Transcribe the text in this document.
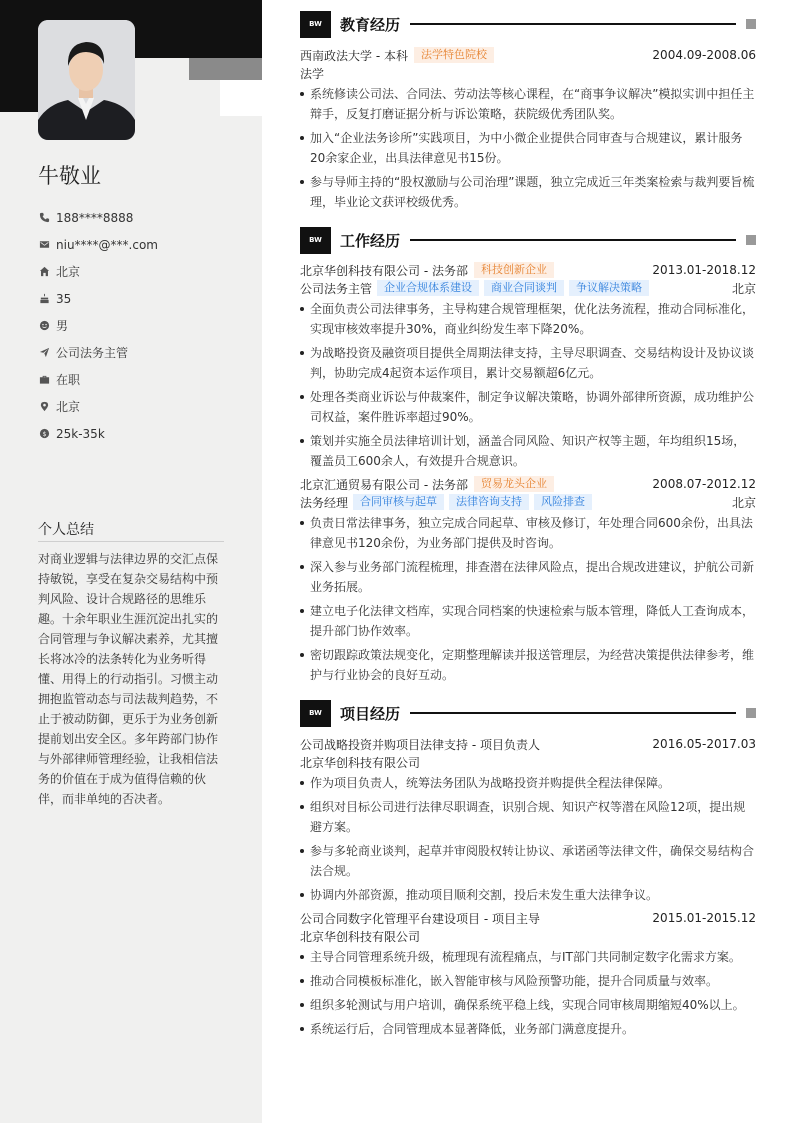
牛敬业
188****8888
niu****@***.com
北京
35
男
公司法务主管
在职
北京
$ 25k-35k
个人总结
对商业逻辑与法律边界的交汇点保持敏锐，享受在复杂交易结构中预判风险、设计合规路径的思维乐趣。十余年职业生涯沉淀出扎实的合同管理与争议解决素养，尤其擅长将冰冷的法条转化为业务听得懂、用得上的行动指引。习惯主动拥抱监管动态与司法裁判趋势，不止于被动防御，更乐于为业务创新提前划出安全区。多年跨部门协作与外部律师管理经验，让我相信法务的价值在于成为值得信赖的伙伴，而非单纯的否决者。
BW	教育经历
西南政法大学 - 本科	法学特色院校	2004.09-2008.06
法学
系统修读公司法、合同法、劳动法等核心课程，在“商事争议解决”模拟实训中担任主辩手，反复打磨证据分析与诉讼策略，获院级优秀团队奖。
加入“企业法务诊所”实践项目，为中小微企业提供合同审查与合规建议，累计服务20余家企业，出具法律意见书15份。
参与导师主持的“股权激励与公司治理”课题，独立完成近三年类案检索与裁判要旨梳理，毕业论文获评校级优秀。
BW	工作经历
北京华创科技有限公司 - 法务部	科技创新企业	2013.01-2018.12
公司法务主管	企业合规体系建设	商业合同谈判	争议解决策略	北京
全面负责公司法律事务，主导构建合规管理框架，优化法务流程，推动合同标准化，实现审核效率提升30%，商业纠纷发生率下降20%。
为战略投资及融资项目提供全周期法律支持，主导尽职调查、交易结构设计及协议谈判，协助完成4起资本运作项目，累计交易额超6亿元。
处理各类商业诉讼与仲裁案件，制定争议解决策略，协调外部律所资源，成功维护公司权益，案件胜诉率超过90%。
策划并实施全员法律培训计划，涵盖合同风险、知识产权等主题，年均组织15场，覆盖员工600余人，有效提升合规意识。
北京汇通贸易有限公司 - 法务部	贸易龙头企业	2008.07-2012.12
法务经理	合同审核与起草	法律咨询支持	风险排查	北京
负责日常法律事务，独立完成合同起草、审核及修订，年处理合同600余份，出具法律意见书120余份，为业务部门提供及时咨询。
深入参与业务部门流程梳理，排查潜在法律风险点，提出合规改进建议，护航公司新业务拓展。
建立电子化法律文档库，实现合同档案的快速检索与版本管理，降低人工查询成本，提升部门协作效率。
密切跟踪政策法规变化，定期整理解读并报送管理层，为经营决策提供法律参考，维护与行业协会的良好互动。
BW	项目经历
公司战略投资并购项目法律支持 - 项目负责人	2016.05-2017.03
北京华创科技有限公司
作为项目负责人，统筹法务团队为战略投资并购提供全程法律保障。
组织对目标公司进行法律尽职调查，识别合规、知识产权等潜在风险12项，提出规避方案。
参与多轮商业谈判，起草并审阅股权转让协议、承诺函等法律文件，确保交易结构合法合规。
协调内外部资源，推动项目顺利交割，投后未发生重大法律争议。
公司合同数字化管理平台建设项目 - 项目主导	2015.01-2015.12
北京华创科技有限公司
主导合同管理系统升级，梳理现有流程痛点，与IT部门共同制定数字化需求方案。
推动合同模板标准化，嵌入智能审核与风险预警功能，提升合同质量与效率。
组织多轮测试与用户培训，确保系统平稳上线，实现合同审核周期缩短40%以上。
系统运行后，合同管理成本显著降低，业务部门满意度提升。
